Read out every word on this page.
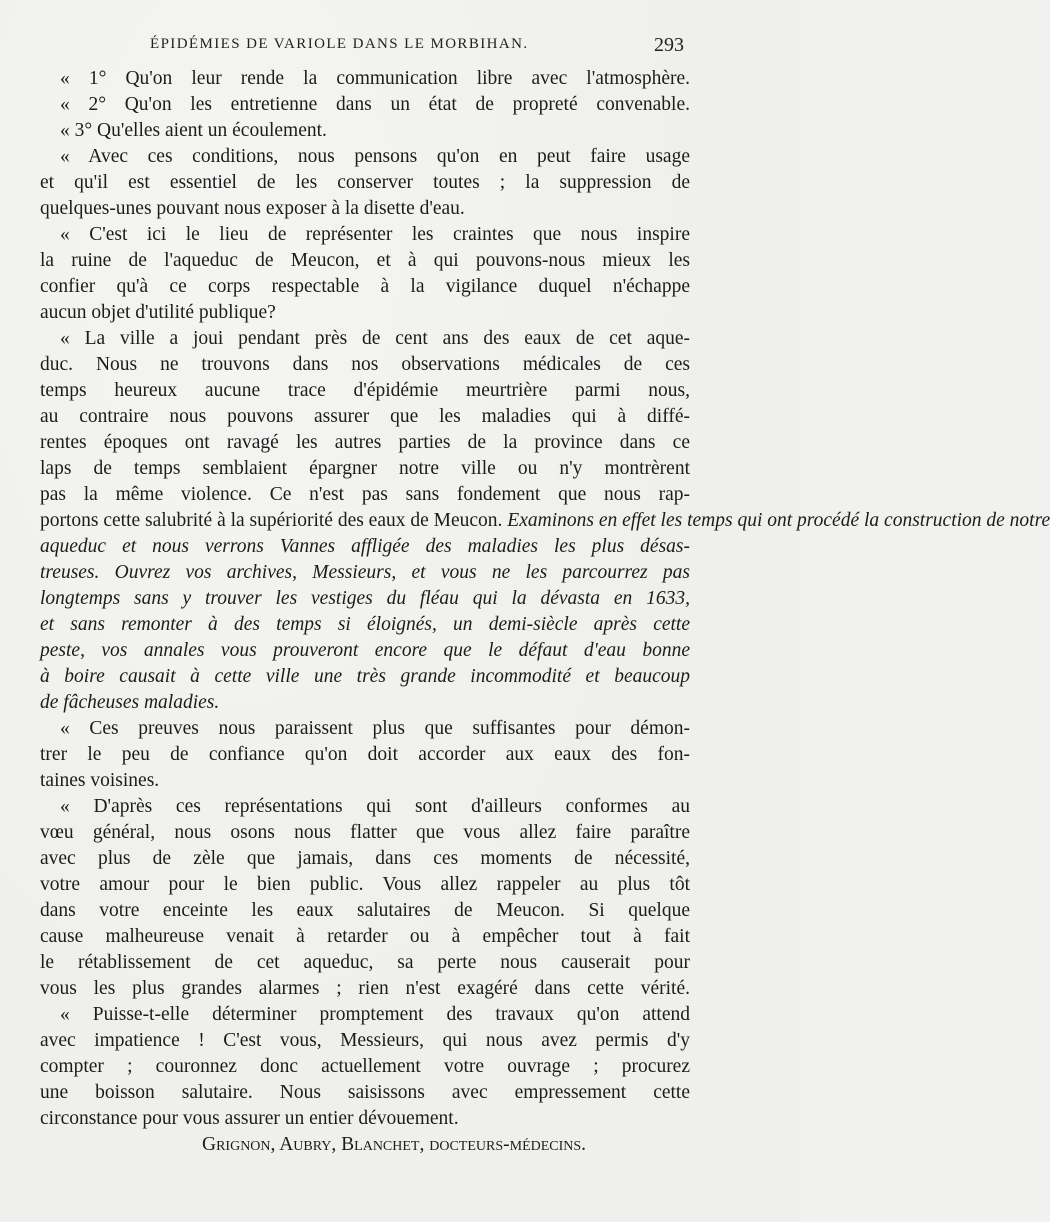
ÉPIDÉMIES DE VARIOLE DANS LE MORBIHAN.	293
« 1° Qu'on leur rende la communication libre avec l'atmosphère.
« 2° Qu'on les entretienne dans un état de propreté convenable.
« 3° Qu'elles aient un écoulement.
« Avec ces conditions, nous pensons qu'on en peut faire usage
et qu'il est essentiel de les conserver toutes ; la suppression de
quelques-unes pouvant nous exposer à la disette d'eau.
« C'est ici le lieu de représenter les craintes que nous inspire
la ruine de l'aqueduc de Meucon, et à qui pouvons-nous mieux les
confier qu'à ce corps respectable à la vigilance duquel n'échappe
aucun objet d'utilité publique?
« La ville a joui pendant près de cent ans des eaux de cet aque-
duc. Nous ne trouvons dans nos observations médicales de ces
temps heureux aucune trace d'épidémie meurtrière parmi nous,
au contraire nous pouvons assurer que les maladies qui à diffé-
rentes époques ont ravagé les autres parties de la province dans ce
laps de temps semblaient épargner notre ville ou n'y montrèrent
pas la même violence. Ce n'est pas sans fondement que nous rap-
portons cette salubrité à la supériorité des eaux de Meucon. Examinons en effet les temps qui ont procédé la construction de notre
aqueduc et nous verrons Vannes affligée des maladies les plus désas-
treuses. Ouvrez vos archives, Messieurs, et vous ne les parcourrez pas
longtemps sans y trouver les vestiges du fléau qui la dévasta en 1633,
et sans remonter à des temps si éloignés, un demi-siècle après cette
peste, vos annales vous prouveront encore que le défaut d'eau bonne
à boire causait à cette ville une très grande incommodité et beaucoup
de fâcheuses maladies.
« Ces preuves nous paraissent plus que suffisantes pour démon-
trer le peu de confiance qu'on doit accorder aux eaux des fon-
taines voisines.
« D'après ces représentations qui sont d'ailleurs conformes au
vœu général, nous osons nous flatter que vous allez faire paraître
avec plus de zèle que jamais, dans ces moments de nécessité,
votre amour pour le bien public. Vous allez rappeler au plus tôt
dans votre enceinte les eaux salutaires de Meucon. Si quelque
cause malheureuse venait à retarder ou à empêcher tout à fait
le rétablissement de cet aqueduc, sa perte nous causerait pour
vous les plus grandes alarmes ; rien n'est exagéré dans cette vérité.
« Puisse-t-elle déterminer promptement des travaux qu'on attend
avec impatience ! C'est vous, Messieurs, qui nous avez permis d'y
compter ; couronnez donc actuellement votre ouvrage ; procurez
une boisson salutaire. Nous saisissons avec empressement cette
circonstance pour vous assurer un entier dévouement.
Grignon, Aubry, Blanchet, docteurs-médecins.
